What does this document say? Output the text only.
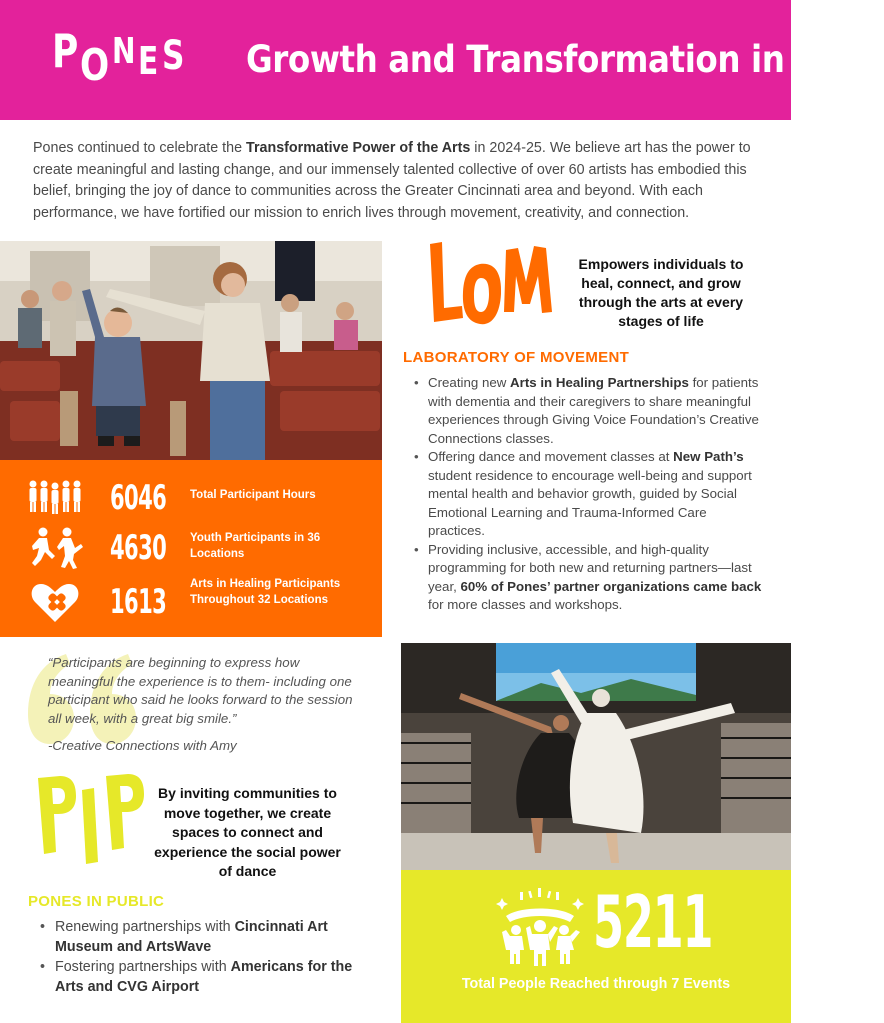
P O N E S Growth and Transformation in 2025

Pones continued to celebrate the Transformative Power of the Arts in 2024-25. We believe art has the power to create meaningful and lasting change, and our immensely talented collective of over 60 artists has embodied this belief, bringing the joy of dance to communities across the Greater Cincinnati area and beyond. With each performance, we have fortified our mission to enrich lives through movement, creativity, and connection.

6046 Total Participant Hours
4630 Youth Participants in 36 Locations
1613 Arts in Healing Participants Throughout 32 Locations
Empowers individuals to heal, connect, and grow through the arts at every stages of life
LABORATORY OF MOVEMENT
• Creating new Arts in Healing Partnerships for patients with dementia and their caregivers to share meaningful experiences through Giving Voice Foundation’s Creative Connections classes.
• Offering dance and movement classes at New Path’s student residence to encourage well-being and support mental health and behavior growth, guided by Social Emotional Learning and Trauma-Informed Care practices.
• Providing inclusive, accessible, and high-quality programming for both new and returning partners—last year, 60% of Pones’ partner organizations came back for more classes and workshops.
“Participants are beginning to express how meaningful the experience is to them- including one participant who said he looks forward to the session all week, with a great big smile.”
-Creative Connections with Amy
By inviting communities to move together, we create spaces to connect and experience the social power of dance
PONES IN PUBLIC
• Renewing partnerships with Cincinnati Art Museum and ArtsWave
• Fostering partnerships with Americans for the Arts and CVG Airport
5211
Total People Reached through 7 Events
